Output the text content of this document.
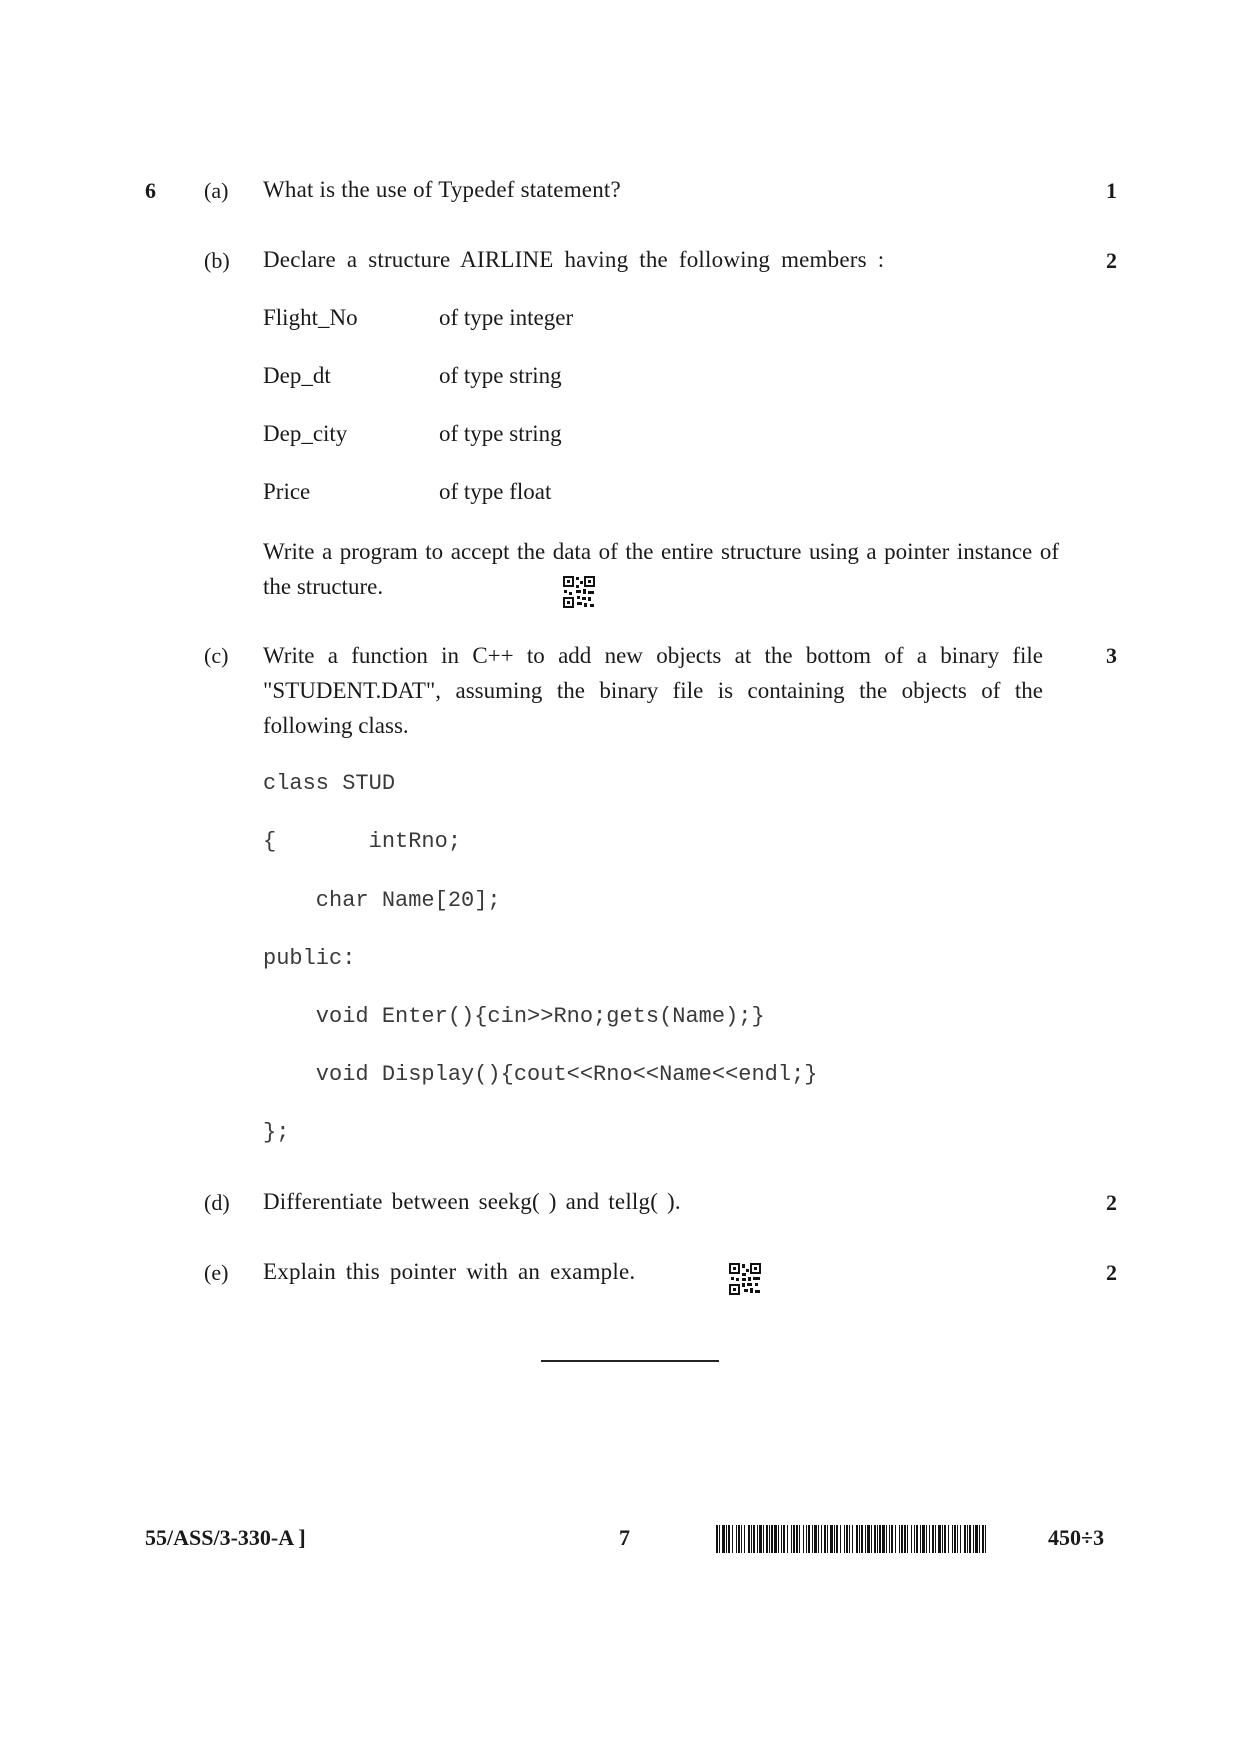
6 (a) What is the use of Typedef statement?	1
(b) Declare a structure AIRLINE having the following members :	2
Flight_No	of type integer
Dep_dt	of type string
Dep_city	of type string
Price	of type float
Write a program to accept the data of the entire structure using a pointer instance of the structure.
(c) Write a function in C++ to add new objects at the bottom of a binary file "STUDENT.DAT", assuming the binary file is containing the objects of the following class.
3
class STUD
{       intRno;
char Name[20];
public:
void Enter(){cin>>Rno;gets(Name);}
void Display(){cout<<Rno<<Name<<endl;}
};
(d) Differentiate between seekg( ) and tellg( ).	2
(e) Explain this pointer with an example.	2
55/ASS/3-330-A ]	7	450÷3
